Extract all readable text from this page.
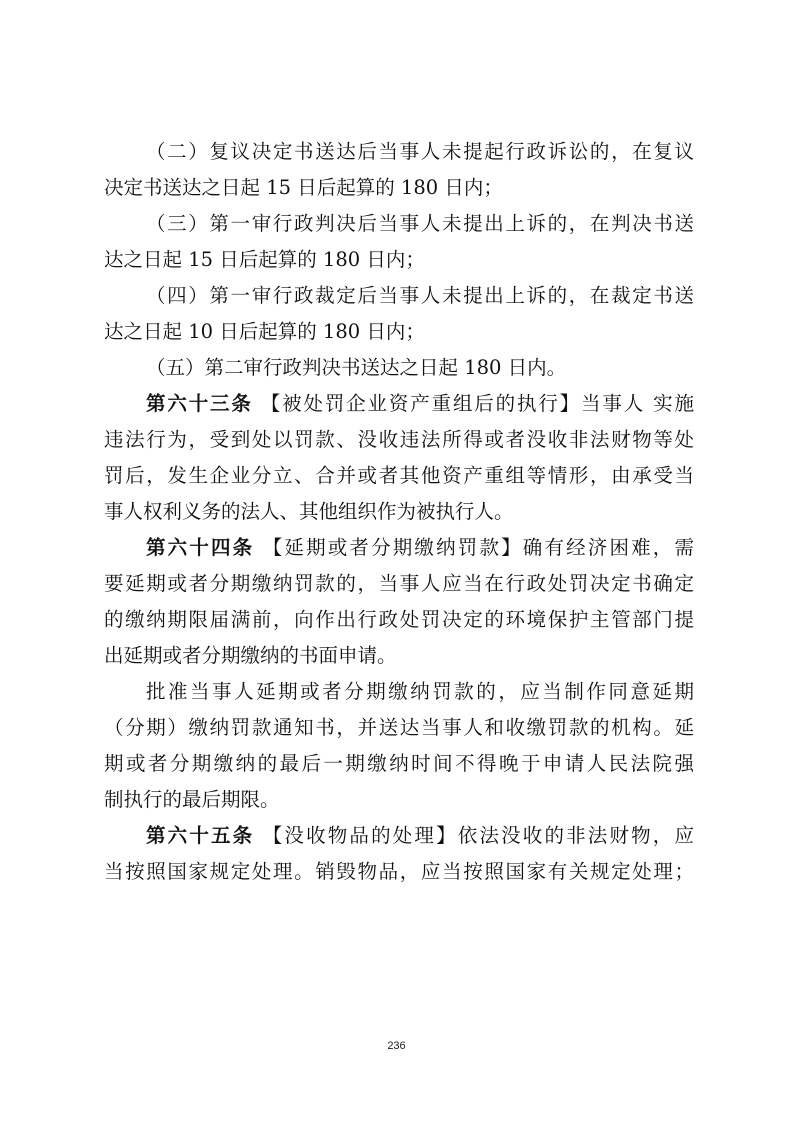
（二）复议决定书送达后当事人未提起行政诉讼的，在复议
决定书送达之日起 15 日后起算的 180 日内；
（三）第一审行政判决后当事人未提出上诉的，在判决书送
达之日起 15 日后起算的 180 日内；
（四）第一审行政裁定后当事人未提出上诉的，在裁定书送
达之日起 10 日后起算的 180 日内；
（五）第二审行政判决书送达之日起 180 日内。
第六十三条 【被处罚企业资产重组后的执行】当事人 实施
违法行为，受到处以罚款、没收违法所得或者没收非法财物等处
罚后，发生企业分立、合并或者其他资产重组等情形，由承受当
事人权利义务的法人、其他组织作为被执行人。
第六十四条 【延期或者分期缴纳罚款】确有经济困难，需
要延期或者分期缴纳罚款的，当事人应当在行政处罚决定书确定
的缴纳期限届满前，向作出行政处罚决定的环境保护主管部门提
出延期或者分期缴纳的书面申请。
批准当事人延期或者分期缴纳罚款的，应当制作同意延期
（分期）缴纳罚款通知书，并送达当事人和收缴罚款的机构。延
期或者分期缴纳的最后一期缴纳时间不得晚于申请人民法院强
制执行的最后期限。
第六十五条 【没收物品的处理】依法没收的非法财物，应
当按照国家规定处理。销毁物品，应当按照国家有关规定处理；
236
